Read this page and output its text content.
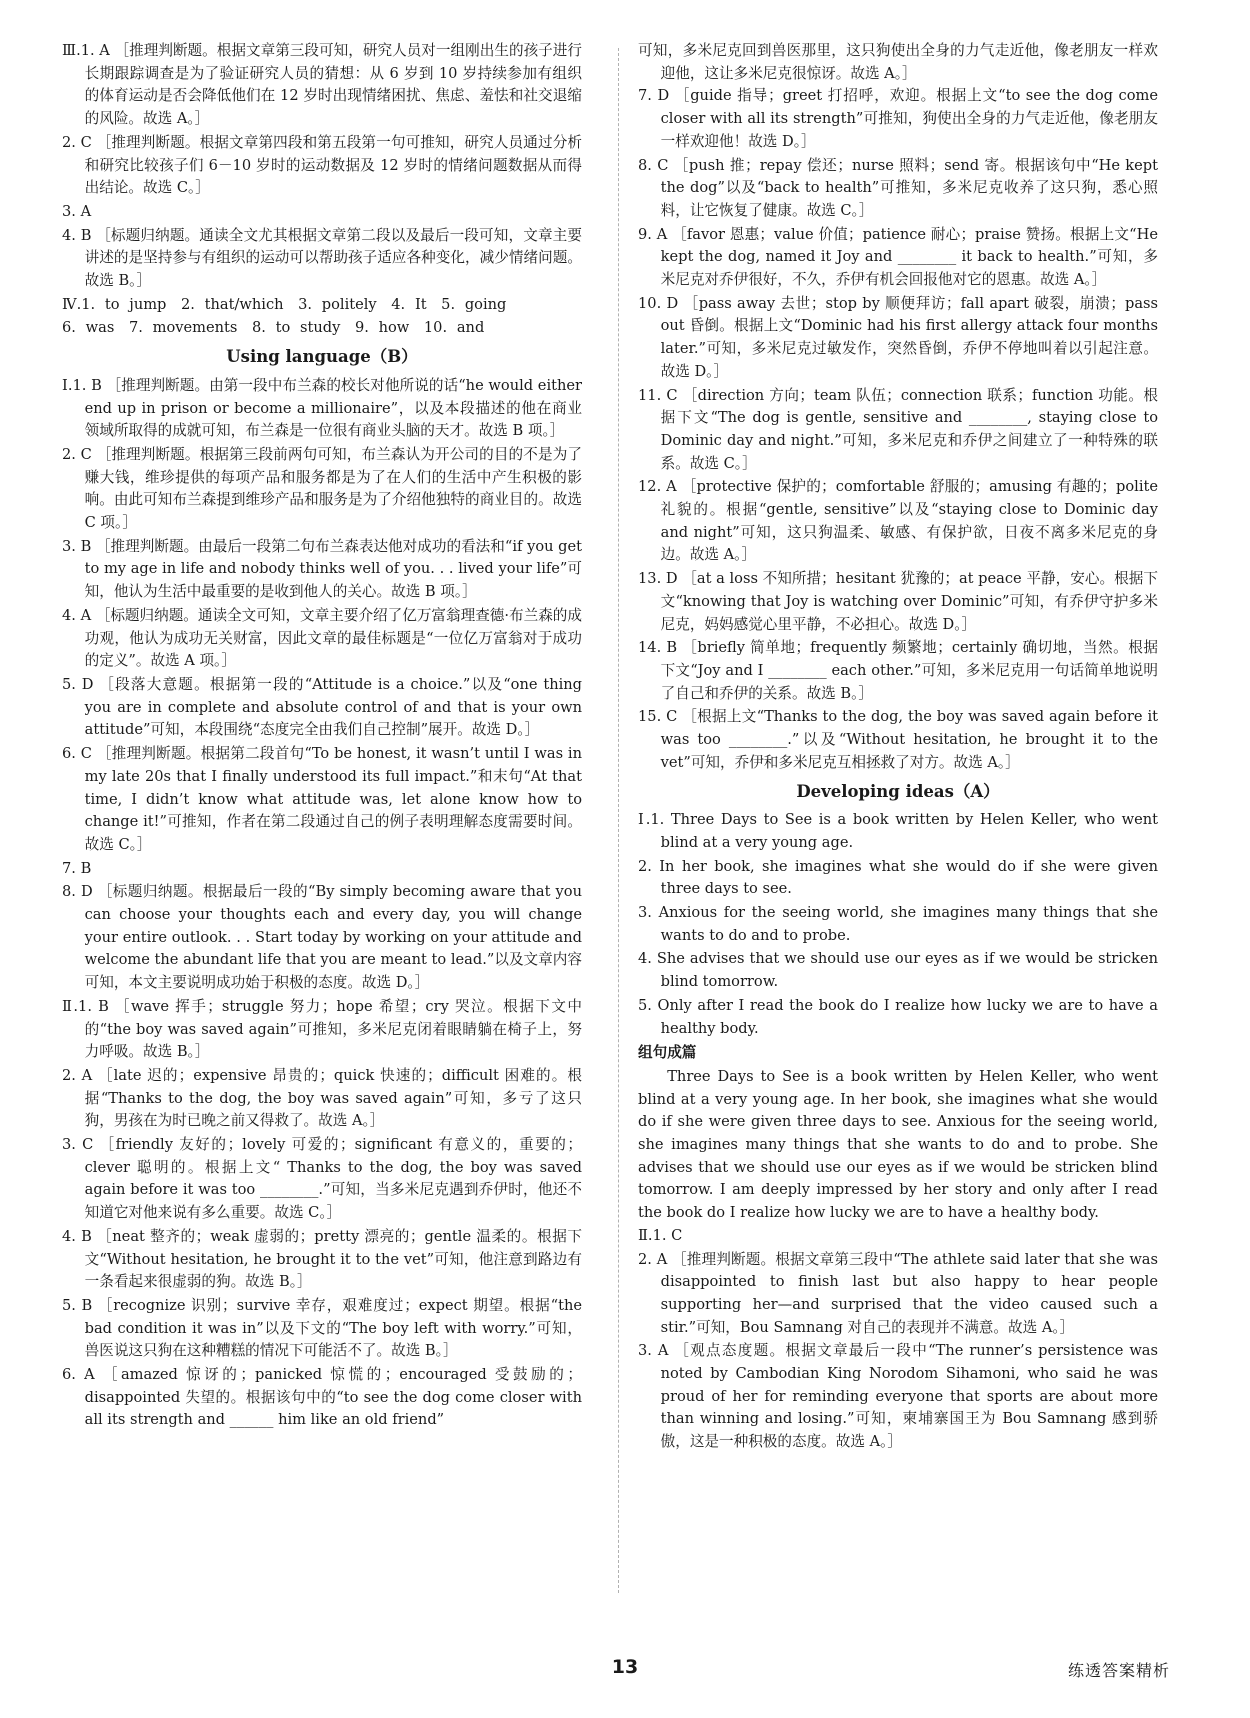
Ⅲ.1. A ［推理判断题。根据文章第三段可知，研究人员对一组刚出生的孩子进行长期跟踪调查是为了验证研究人员的猜想：从 6 岁到 10 岁持续参加有组织的体育运动是否会降低他们在 12 岁时出现情绪困扰、焦虑、羞怯和社交退缩的风险。故选 A。］
2. C ［推理判断题。根据文章第四段和第五段第一句可推知，研究人员通过分析和研究比较孩子们 6－10 岁时的运动数据及 12 岁时的情绪问题数据从而得出结论。故选 C。］
3. A
4. B ［标题归纳题。通读全文尤其根据文章第二段以及最后一段可知，文章主要讲述的是坚持参与有组织的运动可以帮助孩子适应各种变化，减少情绪问题。故选 B。］
Ⅳ.1. to jump　2. that/which　3. politely　4. It　5. going
6. was　7. movements　8. to study　9. how　10. and
Using language（B）
Ⅰ.1. B ［推理判断题。由第一段中布兰森的校长对他所说的话“he would either end up in prison or become a millionaire”，以及本段描述的他在商业领域所取得的成就可知，布兰森是一位很有商业头脑的天才。故选 B 项。］
2. C ［推理判断题。根据第三段前两句可知，布兰森认为开公司的目的不是为了赚大钱，维珍提供的每项产品和服务都是为了在人们的生活中产生积极的影响。由此可知布兰森提到维珍产品和服务是为了介绍他独特的商业目的。故选 C 项。］
3. B ［推理判断题。由最后一段第二句布兰森表达他对成功的看法和“if you get to my age in life and nobody thinks well of you. . . lived your life”可知，他认为生活中最重要的是收到他人的关心。故选 B 项。］
4. A ［标题归纳题。通读全文可知，文章主要介绍了亿万富翁理查德·布兰森的成功观，他认为成功无关财富，因此文章的最佳标题是“一位亿万富翁对于成功的定义”。故选 A 项。］
5. D ［段落大意题。根据第一段的“Attitude is a choice.”以及“one thing you are in complete and absolute control of and that is your own attitude”可知，本段围绕“态度完全由我们自己控制”展开。故选 D。］
6. C ［推理判断题。根据第二段首句“To be honest, it wasn’t until I was in my late 20s that I finally understood its full impact.”和末句“At that time, I didn’t know what attitude was, let alone know how to change it!”可推知，作者在第二段通过自己的例子表明理解态度需要时间。故选 C。］
7. B
8. D ［标题归纳题。根据最后一段的“By simply becoming aware that you can choose your thoughts each and every day, you will change your entire outlook. . . Start today by working on your attitude and welcome the abundant life that you are meant to lead.”以及文章内容可知，本文主要说明成功始于积极的态度。故选 D。］
Ⅱ.1. B ［wave 挥手；struggle 努力；hope 希望；cry 哭泣。根据下文中的“the boy was saved again”可推知，多米尼克闭着眼睛躺在椅子上，努力呼吸。故选 B。］
2. A ［late 迟的；expensive 昂贵的；quick 快速的；difficult 困难的。根据“Thanks to the dog, the boy was saved again”可知，多亏了这只狗，男孩在为时已晚之前又得救了。故选 A。］
3. C ［friendly 友好的；lovely 可爱的；significant 有意义的，重要的；clever 聪明的。根据上文“ Thanks to the dog, the boy was saved again before it was too ________.”可知，当多米尼克遇到乔伊时，他还不知道它对他来说有多么重要。故选 C。］
4. B ［neat 整齐的；weak 虚弱的；pretty 漂亮的；gentle 温柔的。根据下文“Without hesitation, he brought it to the vet”可知，他注意到路边有一条看起来很虚弱的狗。故选 B。］
5. B ［recognize 识别；survive 幸存，艰难度过；expect 期望。根据“the bad condition it was in”以及下文的“The boy left with worry.”可知，兽医说这只狗在这种糟糕的情况下可能活不了。故选 B。］
6. A ［amazed 惊讶的；panicked 惊慌的；encouraged 受鼓励的；disappointed 失望的。根据该句中的“to see the dog come closer with all its strength and ______ him like an old friend”
可知，多米尼克回到兽医那里，这只狗使出全身的力气走近他，像老朋友一样欢迎他，这让多米尼克很惊讶。故选 A。］
7. D ［guide 指导；greet 打招呼，欢迎。根据上文“to see the dog come closer with all its strength”可推知，狗使出全身的力气走近他，像老朋友一样欢迎他！故选 D。］
8. C ［push 推；repay 偿还；nurse 照料；send 寄。根据该句中“He kept the dog”以及“back to health”可推知，多米尼克收养了这只狗，悉心照料，让它恢复了健康。故选 C。］
9. A ［favor 恩惠；value 价值；patience 耐心；praise 赞扬。根据上文“He kept the dog, named it Joy and ________ it back to health.”可知，多米尼克对乔伊很好，不久，乔伊有机会回报他对它的恩惠。故选 A。］
10. D ［pass away 去世；stop by 顺便拜访；fall apart 破裂，崩溃；pass out 昏倒。根据上文“Dominic had his first allergy attack four months later.”可知，多米尼克过敏发作，突然昏倒，乔伊不停地叫着以引起注意。故选 D。］
11. C ［direction 方向；team 队伍；connection 联系；function 功能。根据下文“The dog is gentle, sensitive and ________, staying close to Dominic day and night.”可知，多米尼克和乔伊之间建立了一种特殊的联系。故选 C。］
12. A ［protective 保护的；comfortable 舒服的；amusing 有趣的；polite 礼貌的。根据“gentle, sensitive”以及“staying close to Dominic day and night”可知，这只狗温柔、敏感、有保护欲，日夜不离多米尼克的身边。故选 A。］
13. D ［at a loss 不知所措；hesitant 犹豫的；at peace 平静，安心。根据下文“knowing that Joy is watching over Dominic”可知，有乔伊守护多米尼克，妈妈感觉心里平静，不必担心。故选 D。］
14. B ［briefly 简单地；frequently 频繁地；certainly 确切地，当然。根据下文“Joy and I ________ each other.”可知，多米尼克用一句话简单地说明了自己和乔伊的关系。故选 B。］
15. C ［根据上文“Thanks to the dog, the boy was saved again before it was too ________.”以及“Without hesitation, he brought it to the vet”可知，乔伊和多米尼克互相拯救了对方。故选 A。］
Developing ideas（A）
Ⅰ.1. Three Days to See is a book written by Helen Keller, who went blind at a very young age.
2. In her book, she imagines what she would do if she were given three days to see.
3. Anxious for the seeing world, she imagines many things that she wants to do and to probe.
4. She advises that we should use our eyes as if we would be stricken blind tomorrow.
5. Only after I read the book do I realize how lucky we are to have a healthy body.
组句成篇

Three Days to See is a book written by Helen Keller, who went blind at a very young age. In her book, she imagines what she would do if she were given three days to see. Anxious for the seeing world, she imagines many things that she wants to do and to probe. She advises that we should use our eyes as if we would be stricken blind tomorrow. I am deeply impressed by her story and only after I read the book do I realize how lucky we are to have a healthy body.

Ⅱ.1. C
2. A ［推理判断题。根据文章第三段中“The athlete said later that she was disappointed to finish last but also happy to hear people supporting her—and surprised that the video caused such a stir.”可知，Bou Samnang 对自己的表现并不满意。故选 A。］
3. A ［观点态度题。根据文章最后一段中“The runner’s persistence was noted by Cambodian King Norodom Sihamoni, who said he was proud of her for reminding everyone that sports are about more than winning and losing.”可知，柬埔寨国王为 Bou Samnang 感到骄傲，这是一种积极的态度。故选 A。］
13	练透答案精析
